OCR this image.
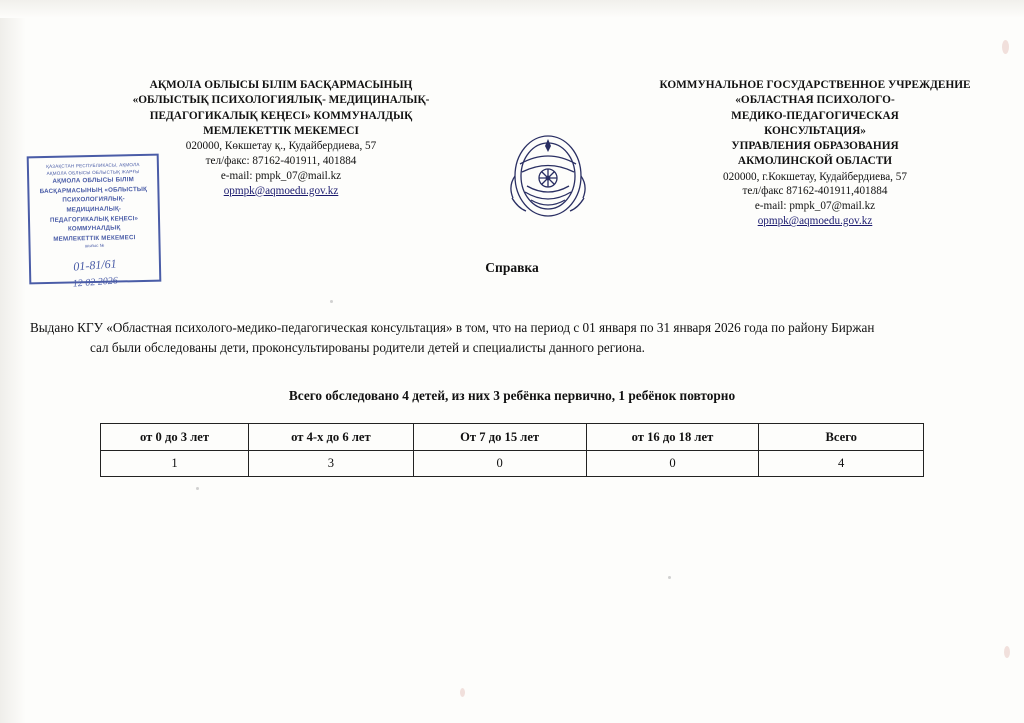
АҚМОЛА ОБЛЫСЫ БІЛІМ БАСҚАРМАСЫНЫҢ
«ОБЛЫСТЫҚ ПСИХОЛОГИЯЛЫҚ- МЕДИЦИНАЛЫҚ-
ПЕДАГОГИКАЛЫҚ КЕҢЕСІ» КОММУНАЛДЫҚ
МЕМЛЕКЕТТІК МЕКЕМЕСІ
020000, Көкшетау қ., Кудайбердиева, 57
тел/факс: 87162-401911, 401884
e-mail: pmpk_07@mail.kz
opmpk@aqmoedu.gov.kz
КОММУНАЛЬНОЕ ГОСУДАРСТВЕННОЕ УЧРЕЖДЕНИЕ
«ОБЛАСТНАЯ ПСИХОЛОГО-
МЕДИКО-ПЕДАГОГИЧЕСКАЯ
КОНСУЛЬТАЦИЯ»
УПРАВЛЕНИЯ ОБРАЗОВАНИЯ
АКМОЛИНСКОЙ ОБЛАСТИ
020000, г.Кокшетау, Кудайбердиева, 57
тел/факс 87162-401911,401884
e-mail: pmpk_07@mail.kz
opmpk@aqmoedu.gov.kz
ҚАЗАҚСТАН РЕСПУБЛИКАСЫ, АҚМОЛА
АҚМОЛА ОБЛЫСЫ ОБЛЫСТЫҚ ЖАРҒЫ
АҚМОЛА ОБЛЫСЫ БІЛІМ
БАСҚАРМАСЫНЫҢ «ОБЛЫСТЫҚ
ПСИХОЛОГИЯЛЫҚ-
МЕДИЦИНАЛЫҚ-
ПЕДАГОГИКАЛЫҚ КЕҢЕСІ»
КОММУНАЛДЫҚ
МЕМЛЕКЕТТІК МЕКЕМЕСІ
шығыс №
01-81/61
12 02 2026
Справка
Выдано КГУ «Областная психолого-медико-педагогическая консультация» в том, что на период с 01 января по 31 января 2026 года по району Биржан
сал были обследованы дети, проконсультированы родители детей и специалисты данного региона.
Всего обследовано 4 детей, из них 3 ребёнка первично, 1 ребёнок повторно
от 0 до 3 лет	от 4-х до 6 лет	От 7 до 15 лет	от 16 до 18 лет	Всего
1	3	0	0	4
